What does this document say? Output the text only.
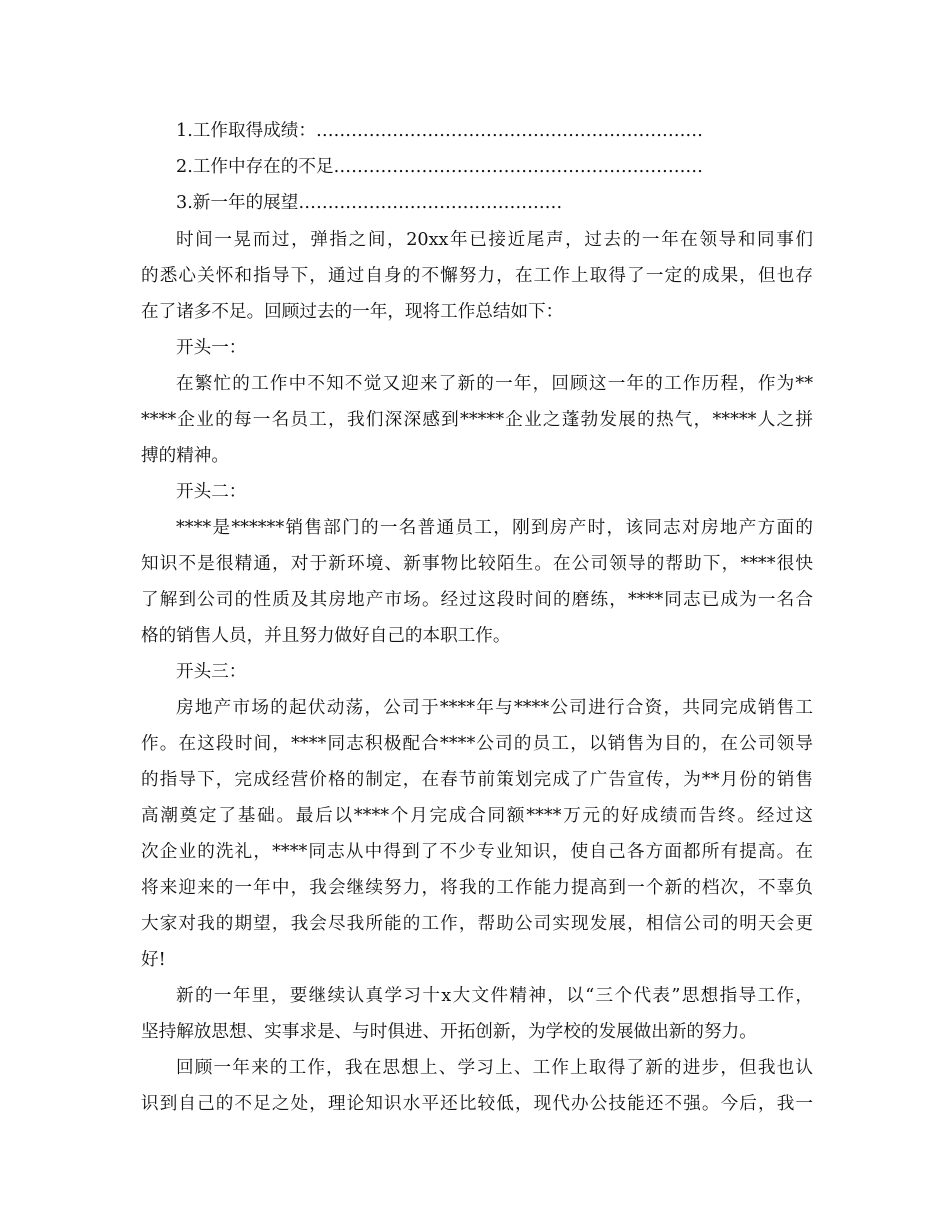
1.工作取得成绩：…………………………………………………………
2.工作中存在的不足………………………………………………………
3.新一年的展望………………………………………
时间一晃而过，弹指之间，20xx年已接近尾声，过去的一年在领导和同事们
的悉心关怀和指导下，通过自身的不懈努力，在工作上取得了一定的成果，但也存
在了诸多不足。回顾过去的一年，现将工作总结如下：
开头一：
在繁忙的工作中不知不觉又迎来了新的一年，回顾这一年的工作历程，作为**
****企业的每一名员工，我们深深感到*****企业之蓬勃发展的热气，*****人之拼
搏的精神。
开头二：
****是******销售部门的一名普通员工，刚到房产时，该同志对房地产方面的
知识不是很精通，对于新环境、新事物比较陌生。在公司领导的帮助下，****很快
了解到公司的性质及其房地产市场。经过这段时间的磨练，****同志已成为一名合
格的销售人员，并且努力做好自己的本职工作。
开头三：
房地产市场的起伏动荡，公司于****年与****公司进行合资，共同完成销售工
作。在这段时间，****同志积极配合****公司的员工，以销售为目的，在公司领导
的指导下，完成经营价格的制定，在春节前策划完成了广告宣传，为**月份的销售
高潮奠定了基础。最后以****个月完成合同额****万元的好成绩而告终。经过这
次企业的洗礼，****同志从中得到了不少专业知识，使自己各方面都所有提高。在
将来迎来的一年中，我会继续努力，将我的工作能力提高到一个新的档次，不辜负
大家对我的期望，我会尽我所能的工作，帮助公司实现发展，相信公司的明天会更
好!
新的一年里，要继续认真学习十x大文件精神，以“三个代表”思想指导工作，
坚持解放思想、实事求是、与时俱进、开拓创新，为学校的发展做出新的努力。
回顾一年来的工作，我在思想上、学习上、工作上取得了新的进步，但我也认
识到自己的不足之处，理论知识水平还比较低，现代办公技能还不强。今后，我一
